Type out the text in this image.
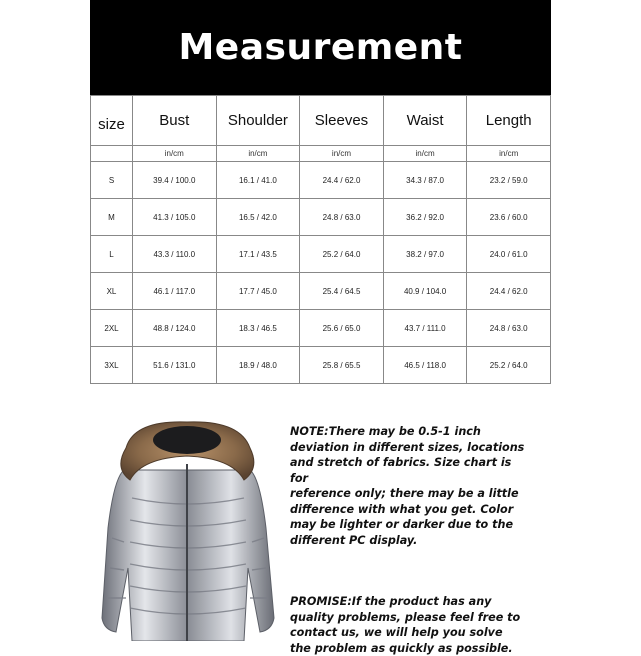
Measurement
size	Bust	Shoulder	Sleeves	Waist	Length
	in/cm	in/cm	in/cm	in/cm	in/cm
S	39.4 / 100.0	16.1 / 41.0	24.4 / 62.0	34.3 / 87.0	23.2 / 59.0
M	41.3 / 105.0	16.5 / 42.0	24.8 / 63.0	36.2 / 92.0	23.6 / 60.0
L	43.3 / 110.0	17.1 / 43.5	25.2 / 64.0	38.2 / 97.0	24.0 / 61.0
XL	46.1 / 117.0	17.7 / 45.0	25.4 / 64.5	40.9 / 104.0	24.4 / 62.0
2XL	48.8 / 124.0	18.3 / 46.5	25.6 / 65.0	43.7 / 111.0	24.8 / 63.0
3XL	51.6 / 131.0	18.9 / 48.0	25.8 / 65.5	46.5 / 118.0	25.2 / 64.0
NOTE:There may be 0.5-1 inch
deviation in different sizes, locations
and stretch of fabrics. Size chart is for
reference only; there may be a little
difference with what you get. Color
may be lighter or darker due to the
different PC display.
PROMISE:If the product has any
quality problems, please feel free to
contact us, we will help you solve
the problem as quickly as possible.
